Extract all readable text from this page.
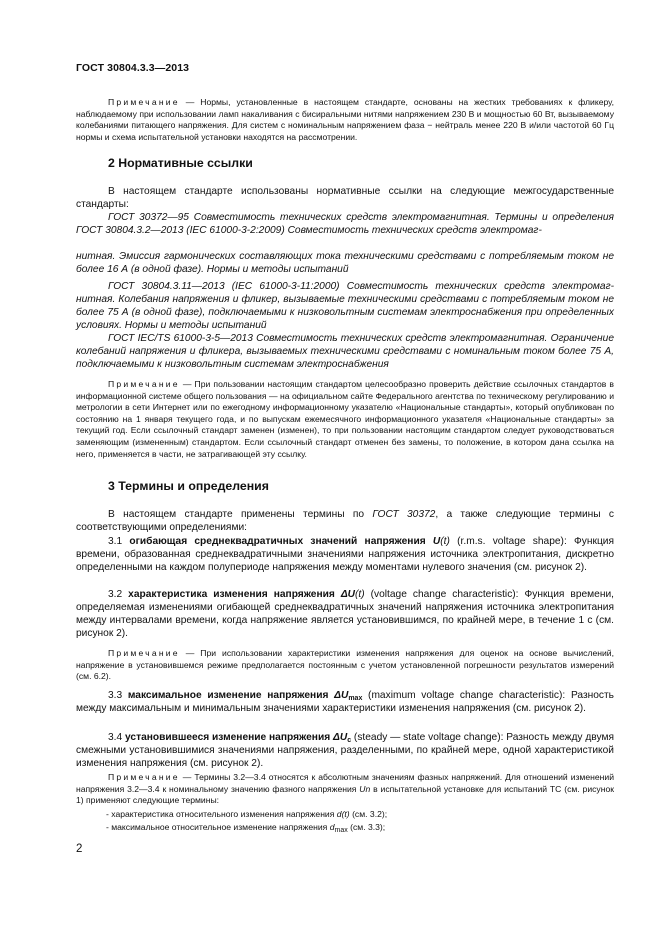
ГОСТ 30804.3.3—2013
Примечание — Нормы, установленные в настоящем стандарте, основаны на жестких требованиях к фликеру, наблюдаемому при использовании ламп накаливания с бисиральными нитями напряжением 230 В и мощностью 60 Вт, вызываемому колебаниями питающего напряжения. Для систем с номинальным напряжением фаза − нейтраль менее 220 В и/или частотой 60 Гц нормы и схема испытательной установки находятся на рассмотрении.
2 Нормативные ссылки
В настоящем стандарте использованы нормативные ссылки на следующие межгосударственные стандарты:
ГОСТ 30372—95 Совместимость технических средств электромагнитная. Термины и определения ГОСТ 30804.3.2—2013 (IEC 61000-3-2:2009) Совместимость технических средств электромаг-
нитная. Эмиссия гармонических составляющих тока техническими средствами с потребляемым током не более 16 А (в одной фазе). Нормы и методы испытаний
ГОСТ 30804.3.11—2013 (IEC 61000-3-11:2000) Совместимость технических средств электромаг-нитная. Колебания напряжения и фликер, вызываемые техническими средствами с потребляемым током не более 75 А (в одной фазе), подключаемыми к низковольтным системам электроснабжения при определенных условиях. Нормы и методы испытаний
ГОСТ IEC/TS 61000-3-5—2013 Совместимость технических средств электромагнитная. Ограничение колебаний напряжения и фликера, вызываемых техническими средствами с номинальным током более 75 А, подключаемыми к низковольтным системам электроснабжения
Примечание — При пользовании настоящим стандартом целесообразно проверить действие ссылочных стандартов в информационной системе общего пользования — на официальном сайте Федерального агентства по техническому регулированию и метрологии в сети Интернет или по ежегодному информационному указателю «Национальные стандарты», который опубликован по состоянию на 1 января текущего года, и по выпускам ежемесячного информационного указателя «Национальные стандарты» за текущий год. Если ссылочный стандарт заменен (изменен), то при пользовании настоящим стандартом следует руководствоваться заменяющим (измененным) стандартом. Если ссылочный стандарт отменен без замены, то положение, в котором дана ссылка на него, применяется в части, не затрагивающей эту ссылку.
3 Термины и определения
В настоящем стандарте применены термины по ГОСТ 30372, а также следующие термины с соответствующими определениями:
3.1 огибающая среднеквадратичных значений напряжения U(t) (r.m.s. voltage shape): Функция времени, образованная среднеквадратичными значениями напряжения источника электропитания, дискретно определенными на каждом полупериоде напряжения между моментами нулевого значения (см. рисунок 2).
3.2 характеристика изменения напряжения ΔU(t) (voltage change characteristic): Функция времени, определяемая изменениями огибающей среднеквадратичных значений напряжения источника электропитания между интервалами времени, когда напряжение является установившимся, по крайней мере, в течение 1 с (см. рисунок 2).
Примечание — При использовании характеристики изменения напряжения для оценок на основе вычислений, напряжение в установившемся режиме предполагается постоянным с учетом установленной погрешности результатов измерений (см. 6.2).
3.3 максимальное изменение напряжения $\Delta U_{max}$ (maximum voltage change characteristic): Разность между максимальным и минимальным значениями характеристики изменения напряжения (см. рисунок 2).
3.4 установившееся изменение напряжения $\Delta U_c$ (steady — state voltage change): Разность между двумя смежными установившимися значениями напряжения, разделенными, по крайней мере, одной характеристикой изменения напряжения (см. рисунок 2).
Примечание — Термины 3.2—3.4 относятся к абсолютным значениям фазных напряжений. Для отношений изменений напряжения 3.2—3.4 к номинальному значению фазного напряжения Un в испытательной установке для испытаний ТС (см. рисунок 1) применяют следующие термины:
- характеристика относительного изменения напряжения d(t) (см. 3.2);
- максимальное относительное изменение напряжения $d_{max}$ (см. 3.3);
2
